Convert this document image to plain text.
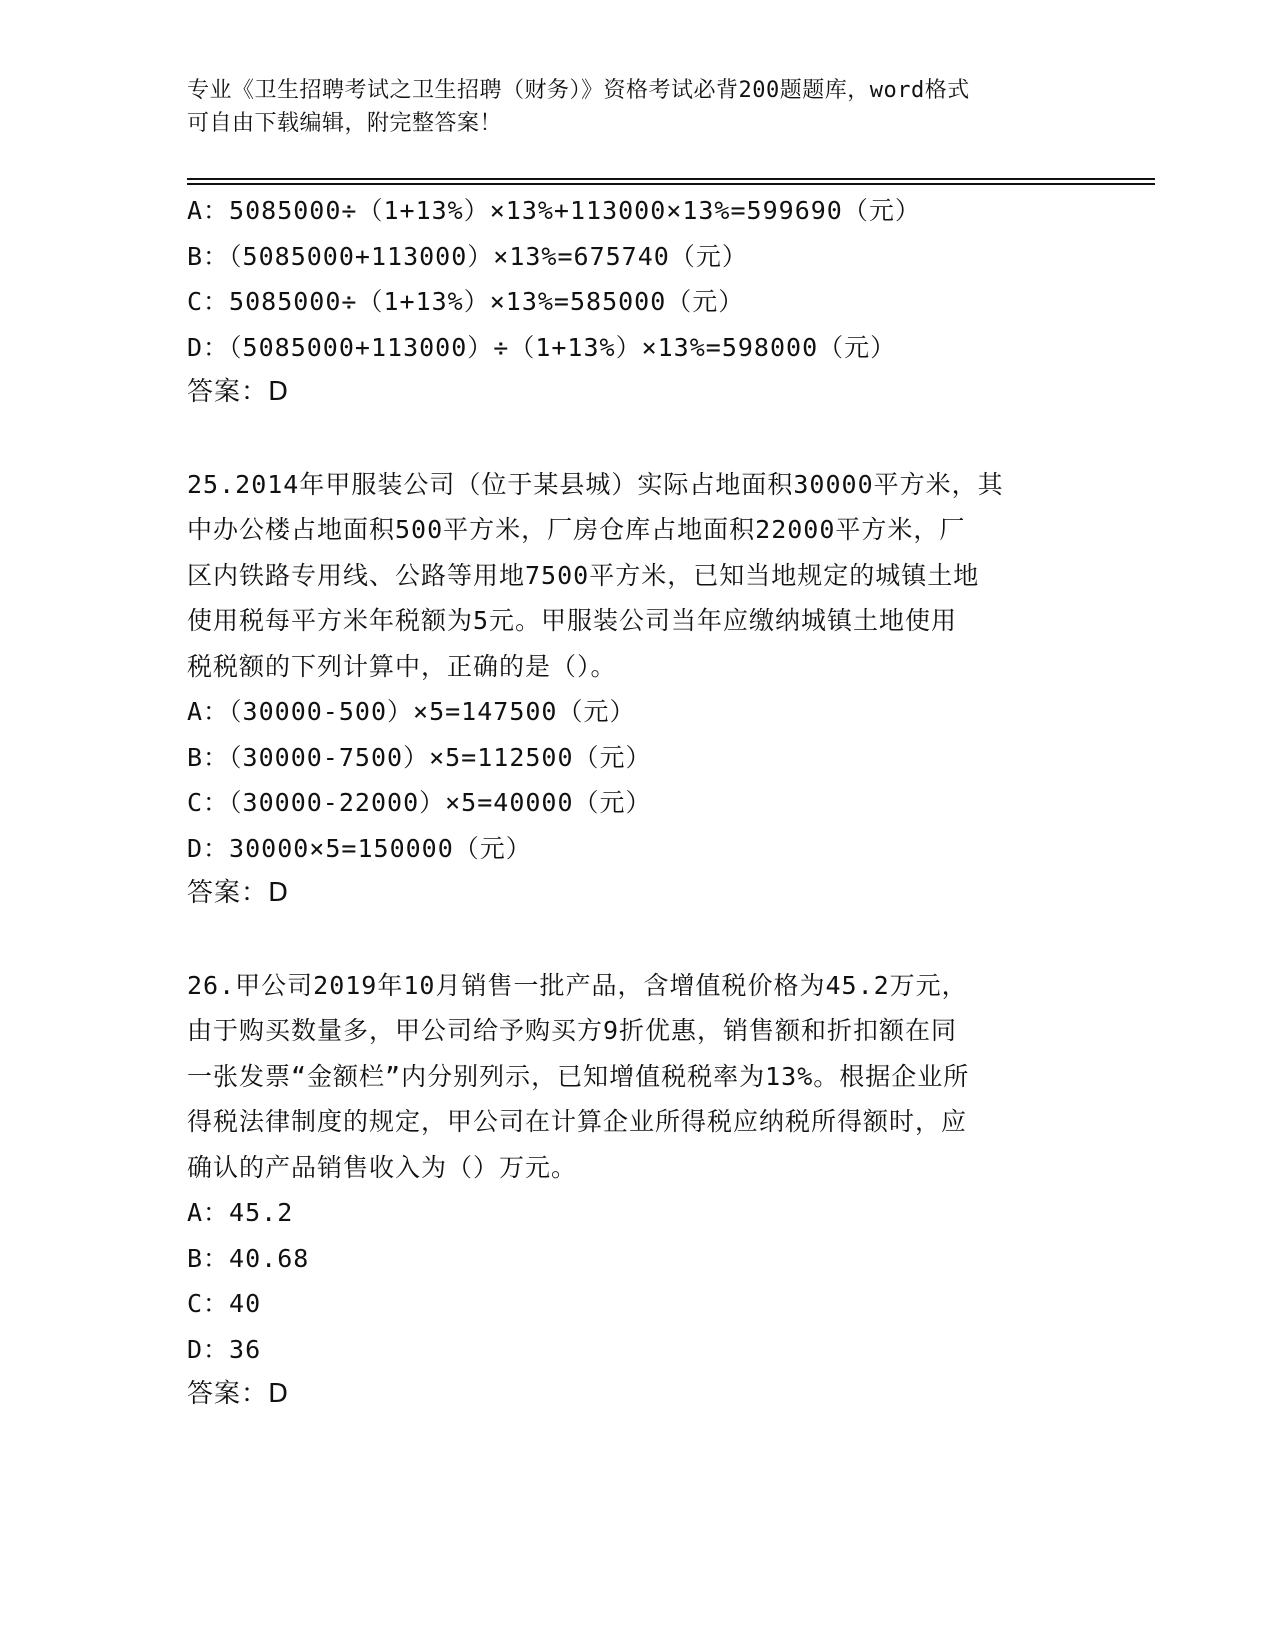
专业《卫生招聘考试之卫生招聘（财务）》资格考试必背200题题库，word格式
可自由下载编辑，附完整答案！
A：5085000÷（1+13%）×13%+113000×13%=599690（元）
B：（5085000+113000）×13%=675740（元）
C：5085000÷（1+13%）×13%=585000（元）
D：（5085000+113000）÷（1+13%）×13%=598000（元）
答案：D
25.2014年甲服装公司（位于某县城）实际占地面积30000平方米，其
中办公楼占地面积500平方米，厂房仓库占地面积22000平方米，厂
区内铁路专用线、公路等用地7500平方米，已知当地规定的城镇土地
使用税每平方米年税额为5元。甲服装公司当年应缴纳城镇土地使用
税税额的下列计算中，正确的是（）。
A：（30000-500）×5=147500（元）
B：（30000-7500）×5=112500（元）
C：（30000-22000）×5=40000（元）
D：30000×5=150000（元）
答案：D
26.甲公司2019年10月销售一批产品，含增值税价格为45.2万元，
由于购买数量多，甲公司给予购买方9折优惠，销售额和折扣额在同
一张发票“金额栏”内分别列示，已知增值税税率为13%。根据企业所
得税法律制度的规定，甲公司在计算企业所得税应纳税所得额时，应
确认的产品销售收入为（）万元。
A：45.2
B：40.68
C：40
D：36
答案：D
